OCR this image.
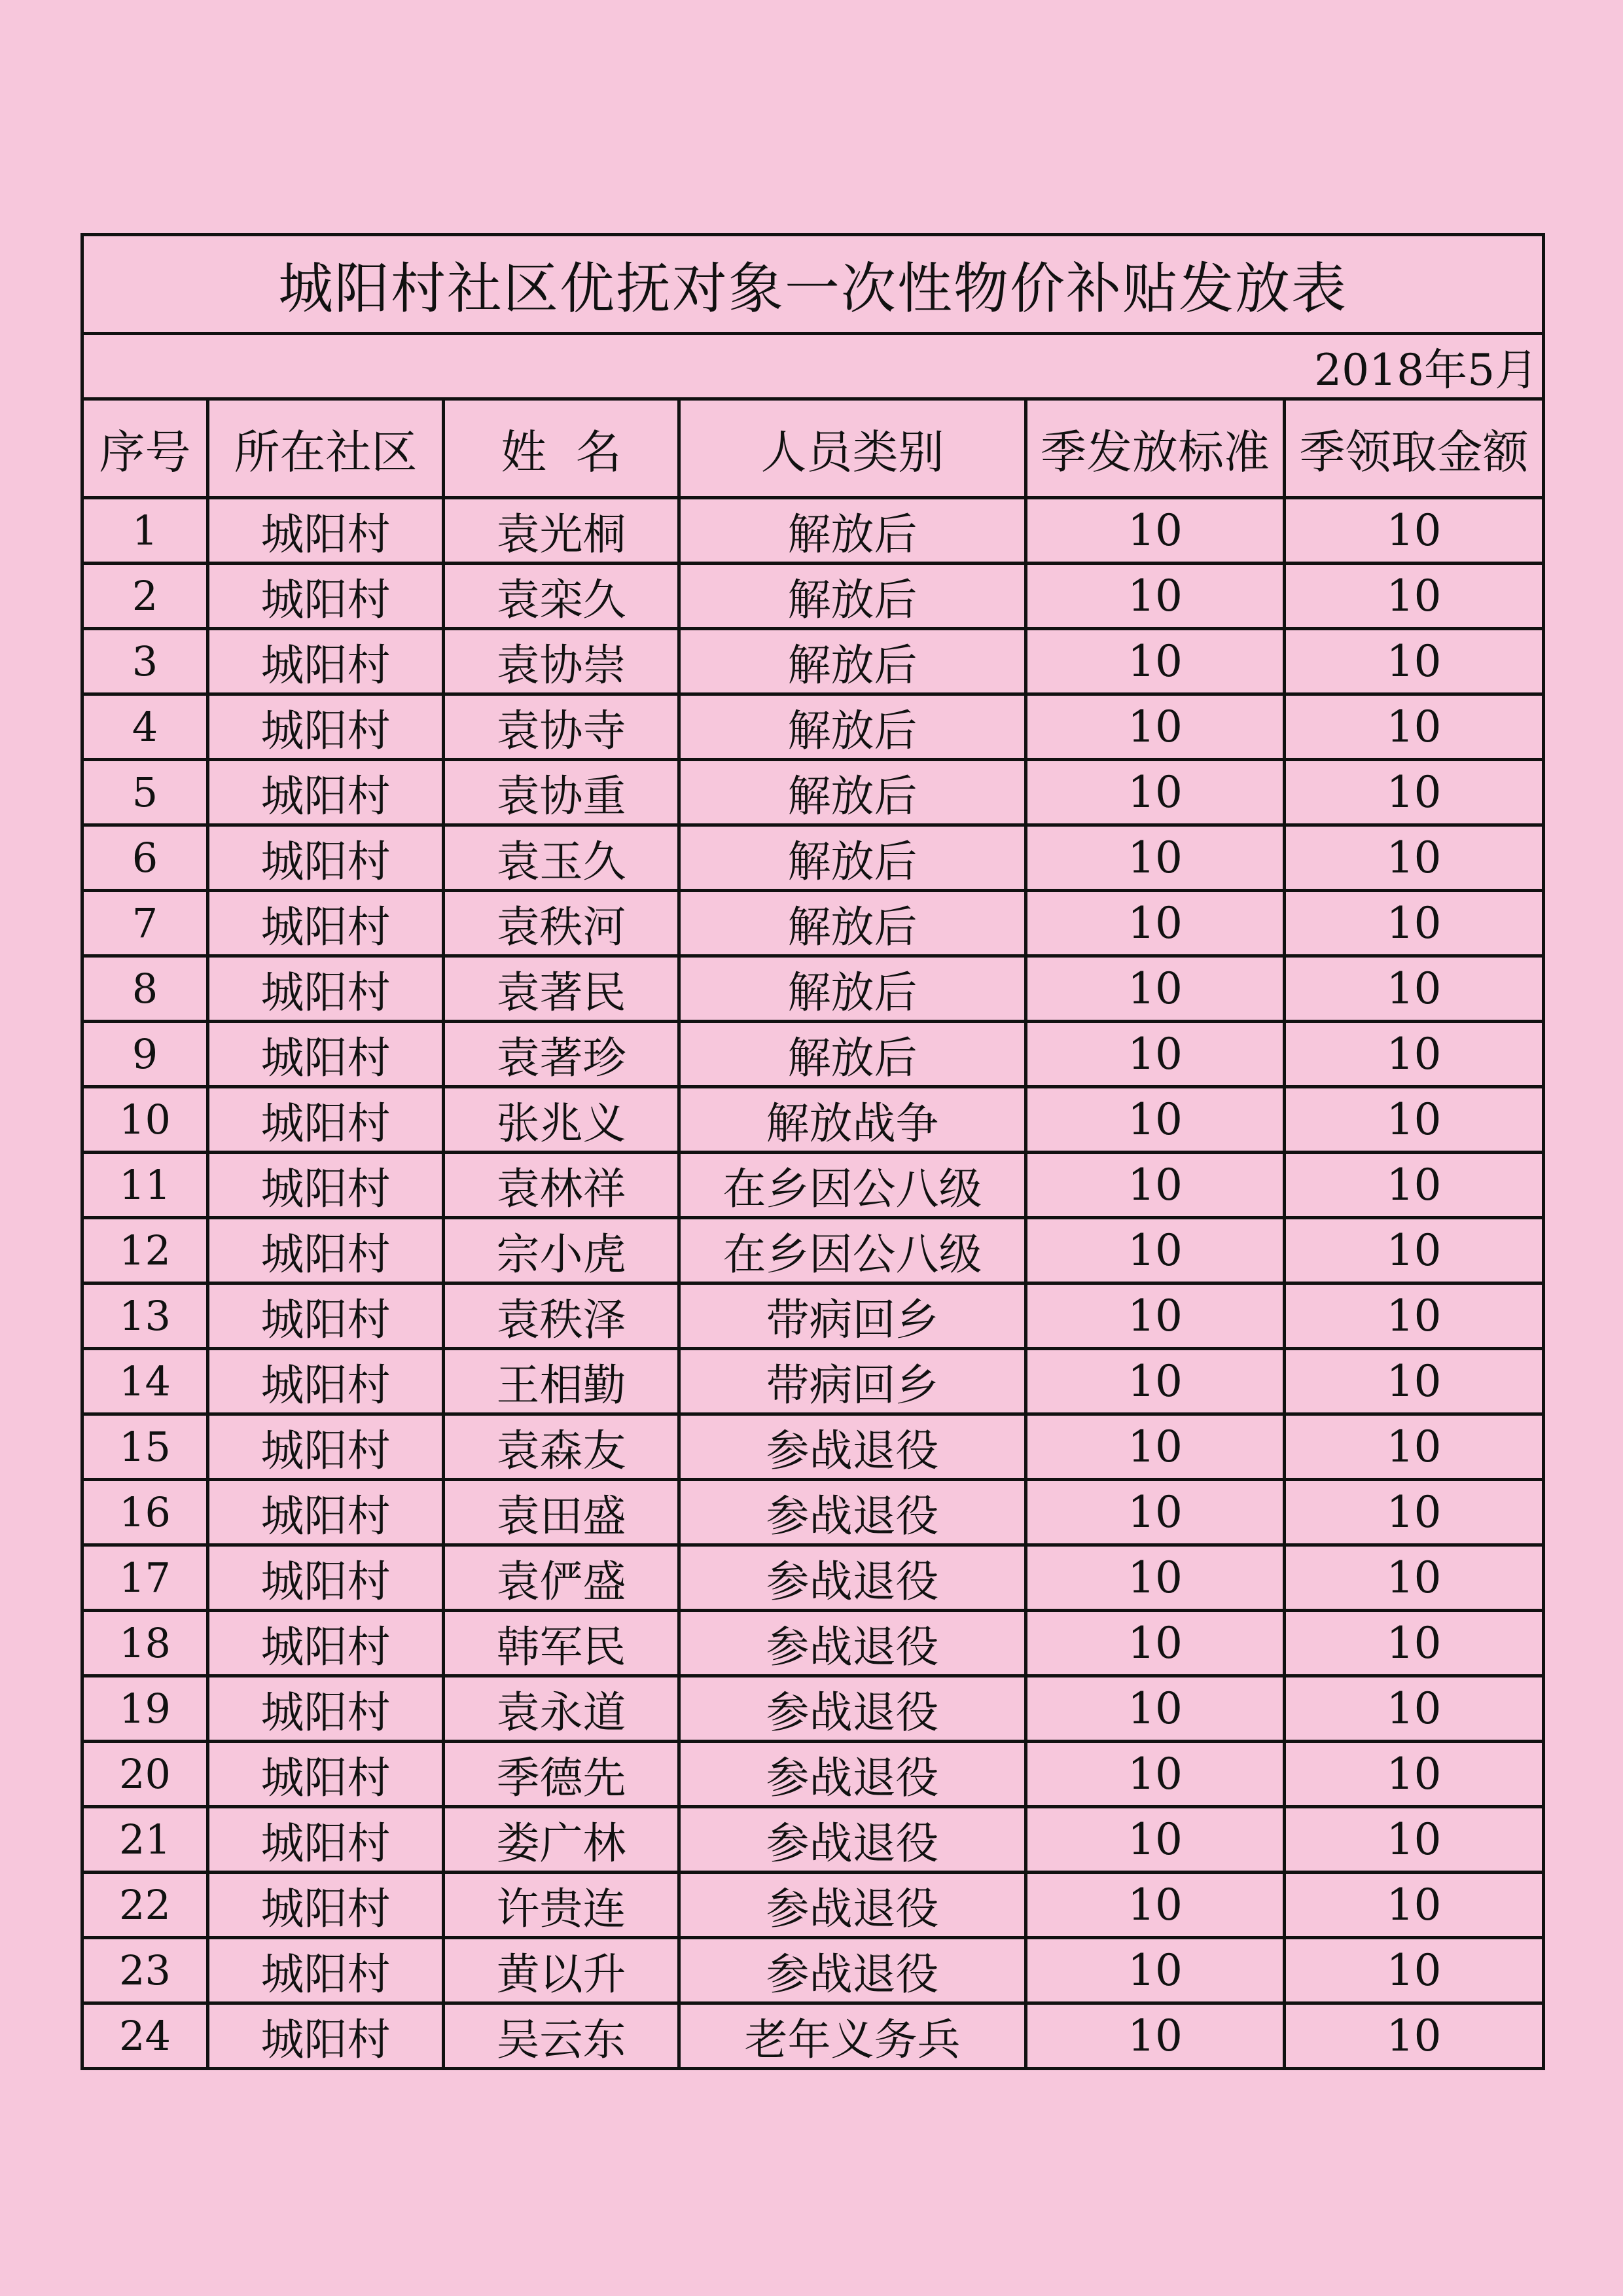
城阳村社区优抚对象一次性物价补贴发放表					
2018年5月					
序号	所在社区	姓  名	人员类别	季发放标准	季领取金额
1	城阳村	袁光桐	解放后	10	10
2	城阳村	袁栾久	解放后	10	10
3	城阳村	袁协崇	解放后	10	10
4	城阳村	袁协寺	解放后	10	10
5	城阳村	袁协重	解放后	10	10
6	城阳村	袁玉久	解放后	10	10
7	城阳村	袁秩河	解放后	10	10
8	城阳村	袁著民	解放后	10	10
9	城阳村	袁著珍	解放后	10	10
10	城阳村	张兆义	解放战争	10	10
11	城阳村	袁林祥	在乡因公八级	10	10
12	城阳村	宗小虎	在乡因公八级	10	10
13	城阳村	袁秩泽	带病回乡	10	10
14	城阳村	王相勤	带病回乡	10	10
15	城阳村	袁森友	参战退役	10	10
16	城阳村	袁田盛	参战退役	10	10
17	城阳村	袁俨盛	参战退役	10	10
18	城阳村	韩军民	参战退役	10	10
19	城阳村	袁永道	参战退役	10	10
20	城阳村	季德先	参战退役	10	10
21	城阳村	娄广林	参战退役	10	10
22	城阳村	许贵连	参战退役	10	10
23	城阳村	黄以升	参战退役	10	10
24	城阳村	吴云东	老年义务兵	10	10
